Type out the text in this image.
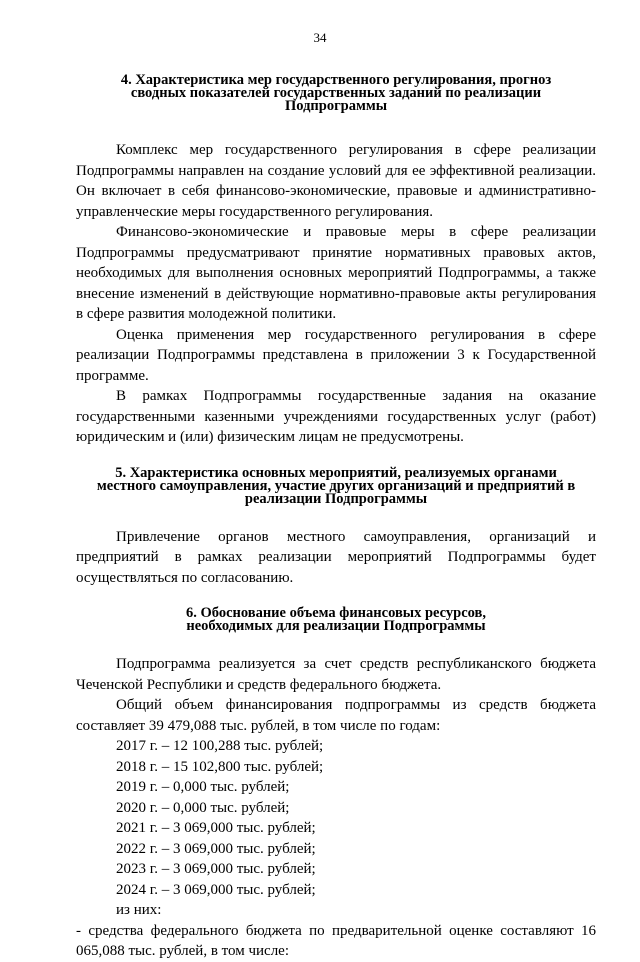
34

4. Характеристика мер государственного регулирования, прогноз сводных показателей государственных заданий по реализации Подпрограммы

Комплекс мер государственного регулирования в сфере реализации Подпрограммы направлен на создание условий для ее эффективной реализации. Он включает в себя финансово-экономические, правовые и административно-управленческие меры государственного регулирования.

Финансово-экономические и правовые меры в сфере реализации Подпрограммы предусматривают принятие нормативных правовых актов, необходимых для выполнения основных мероприятий Подпрограммы, а также внесение изменений в действующие нормативно-правовые акты регулирования в сфере развития молодежной политики.

Оценка применения мер государственного регулирования в сфере реализации Подпрограммы представлена в приложении 3 к Государственной программе.

В рамках Подпрограммы государственные задания на оказание государственными казенными учреждениями государственных услуг (работ) юридическим и (или) физическим лицам не предусмотрены.

5. Характеристика основных мероприятий, реализуемых органами местного самоуправления, участие других организаций и предприятий в реализации Подпрограммы

Привлечение органов местного самоуправления, организаций и предприятий в рамках реализации мероприятий Подпрограммы будет осуществляться по согласованию.

6. Обоснование объема финансовых ресурсов, необходимых для реализации Подпрограммы

Подпрограмма реализуется за счет средств республиканского бюджета Чеченской Республики и средств федерального бюджета.

Общий объем финансирования подпрограммы из средств бюджета составляет 39 479,088 тыс. рублей, в том числе по годам:

2017 г. – 12 100,288 тыс. рублей;

2018 г. – 15 102,800 тыс. рублей;

2019 г. – 0,000 тыс. рублей;

2020 г. – 0,000 тыс. рублей;

2021 г. – 3 069,000 тыс. рублей;

2022 г. – 3 069,000 тыс. рублей;

2023 г. – 3 069,000 тыс. рублей;

2024 г. – 3 069,000 тыс. рублей;

из них:

- средства федерального бюджета по предварительной оценке составляют 16 065,088 тыс. рублей, в том числе:
